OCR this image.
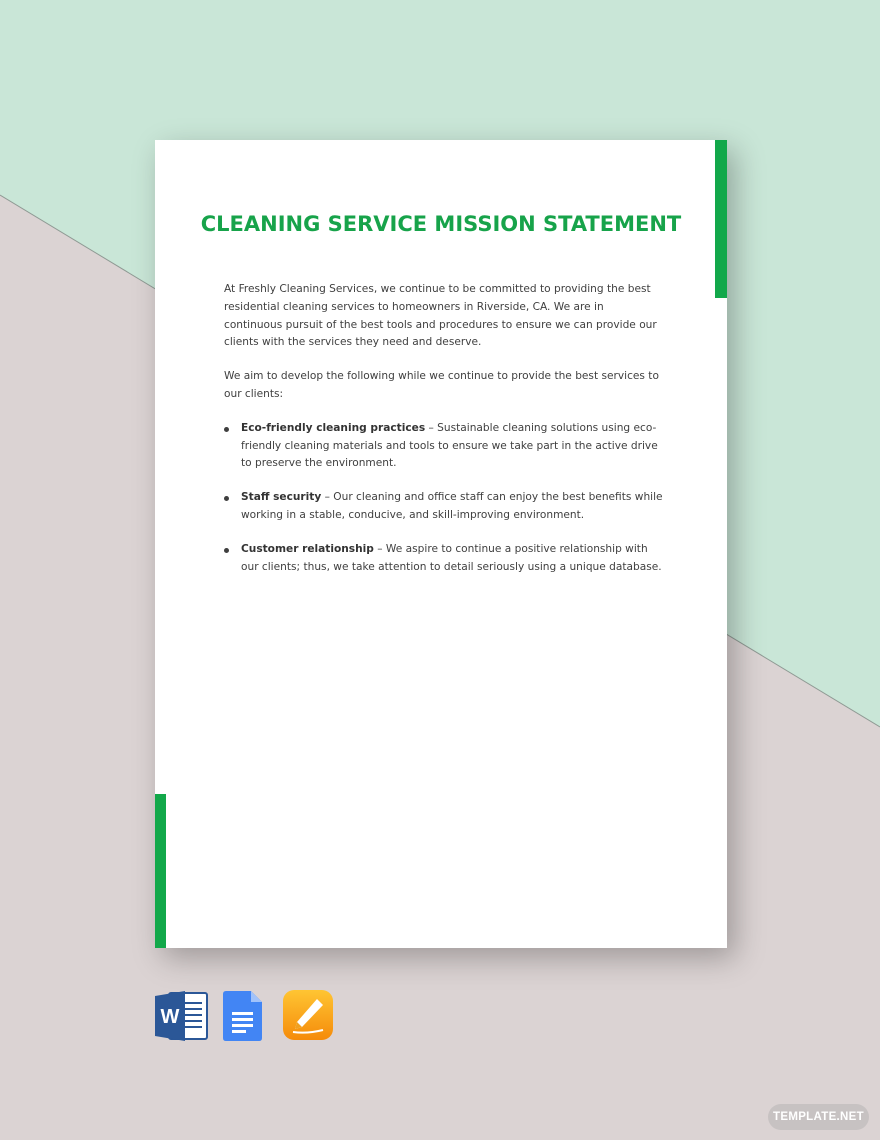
CLEANING SERVICE MISSION STATEMENT

At Freshly Cleaning Services, we continue to be committed to providing the best residential cleaning services to homeowners in Riverside, CA. We are in continuous pursuit of the best tools and procedures to ensure we can provide our clients with the services they need and deserve.

We aim to develop the following while we continue to provide the best services to our clients:

Eco-friendly cleaning practices – Sustainable cleaning solutions using eco-friendly cleaning materials and tools to ensure we take part in the active drive to preserve the environment.
Staff security – Our cleaning and office staff can enjoy the best benefits while working in a stable, conducive, and skill-improving environment.
Customer relationship – We aspire to continue a positive relationship with our clients; thus, we take attention to detail seriously using a unique database.
W
TEMPLATE.NET
